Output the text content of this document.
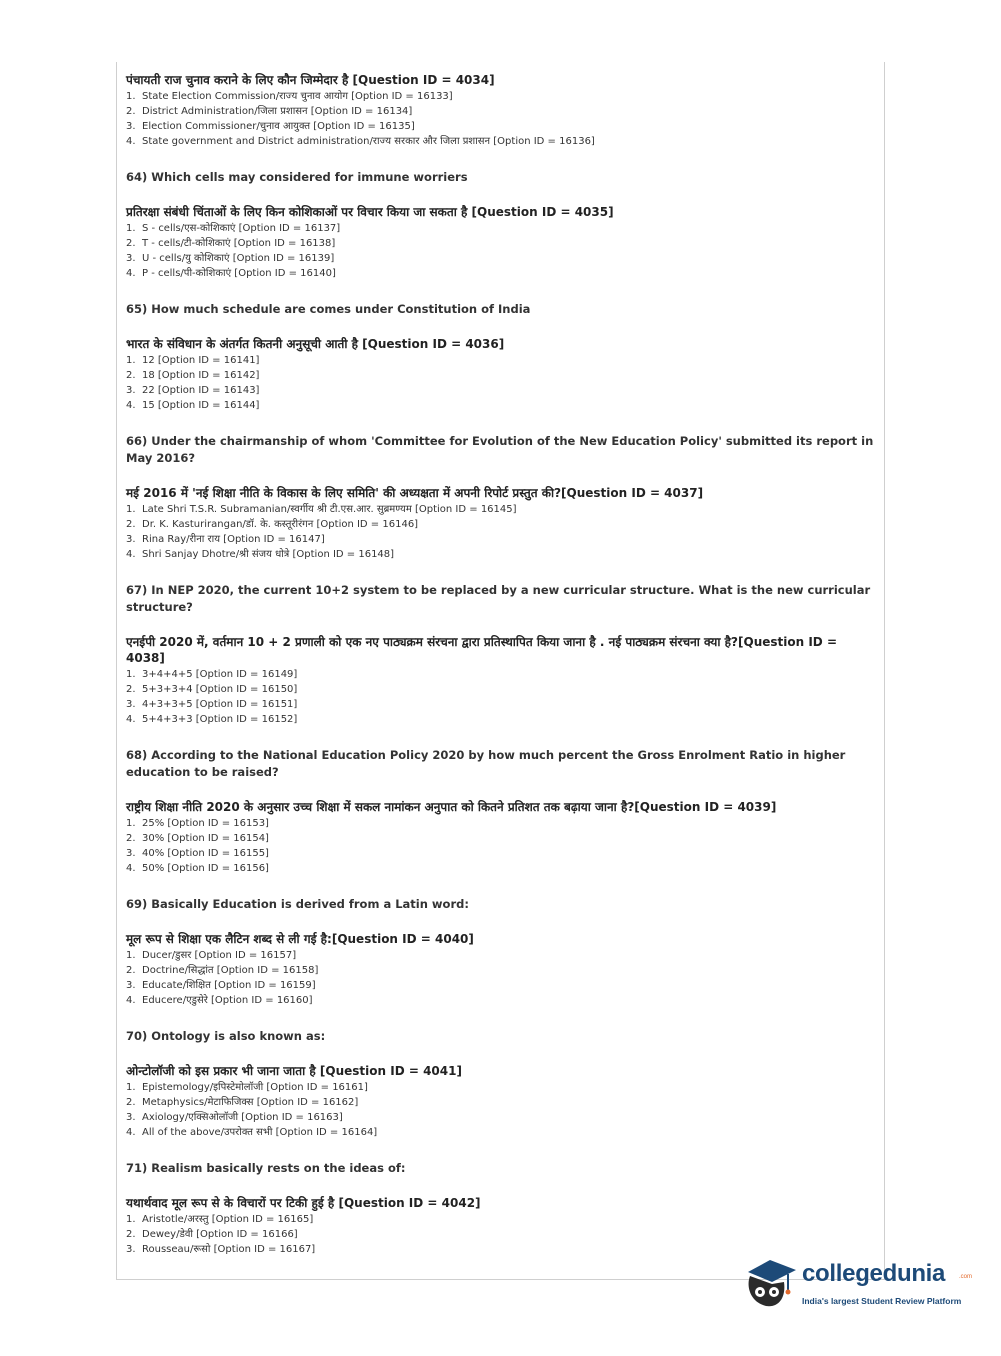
पंचायती राज चुनाव कराने के लिए कौन जिम्मेदार है [Question ID = 4034]

1. State Election Commission/राज्य चुनाव आयोग [Option ID = 16133]
2. District Administration/जिला प्रशासन [Option ID = 16134]
3. Election Commissioner/चुनाव आयुक्त [Option ID = 16135]
4. State government and District administration/राज्य सरकार और जिला प्रशासन [Option ID = 16136]

64) Which cells may considered for immune worriers

प्रतिरक्षा संबंधी चिंताओं के लिए किन कोशिकाओं पर विचार किया जा सकता है [Question ID = 4035]

1. S - cells/एस-कोशिकाएं [Option ID = 16137]
2. T - cells/टी-कोशिकाएं [Option ID = 16138]
3. U - cells/यु कोशिकाएं [Option ID = 16139]
4. P - cells/पी-कोशिकाएं [Option ID = 16140]

65) How much schedule are comes under Constitution of India

भारत के संविधान के अंतर्गत कितनी अनुसूची आती है [Question ID = 4036]

1. 12 [Option ID = 16141]
2. 18 [Option ID = 16142]
3. 22 [Option ID = 16143]
4. 15 [Option ID = 16144]

66) Under the chairmanship of whom 'Committee for Evolution of the New Education Policy' submitted its report in May 2016?

मई 2016 में 'नई शिक्षा नीति के विकास के लिए समिति' की अध्यक्षता में अपनी रिपोर्ट प्रस्तुत की?[Question ID = 4037]

1. Late Shri T.S.R. Subramanian/स्वर्गीय श्री टी.एस.आर. सुब्रमण्यम [Option ID = 16145]
2. Dr. K. Kasturirangan/डॉ. के. कस्तूरीरंगन [Option ID = 16146]
3. Rina Ray/रीना राय [Option ID = 16147]
4. Shri Sanjay Dhotre/श्री संजय धोत्रे [Option ID = 16148]

67) In NEP 2020, the current 10+2 system to be replaced by a new curricular structure. What is the new curricular structure?

एनईपी 2020 में, वर्तमान 10 + 2 प्रणाली को एक नए पाठ्यक्रम संरचना द्वारा प्रतिस्थापित किया जाना है . नई पाठ्यक्रम संरचना क्या है?[Question ID = 4038]

1. 3+4+4+5 [Option ID = 16149]
2. 5+3+3+4 [Option ID = 16150]
3. 4+3+3+5 [Option ID = 16151]
4. 5+4+3+3 [Option ID = 16152]

68) According to the National Education Policy 2020 by how much percent the Gross Enrolment Ratio in higher education to be raised?

राष्ट्रीय शिक्षा नीति 2020 के अनुसार उच्च शिक्षा में सकल नामांकन अनुपात को कितने प्रतिशत तक बढ़ाया जाना है?[Question ID = 4039]

1. 25% [Option ID = 16153]
2. 30% [Option ID = 16154]
3. 40% [Option ID = 16155]
4. 50% [Option ID = 16156]

69) Basically Education is derived from a Latin word:

मूल रूप से शिक्षा एक लैटिन शब्द से ली गई है:[Question ID = 4040]

1. Ducer/डुसर [Option ID = 16157]
2. Doctrine/सिद्धांत [Option ID = 16158]
3. Educate/शिक्षित [Option ID = 16159]
4. Educere/एडुसेरे [Option ID = 16160]

70) Ontology is also known as:

ओन्टोलॉजी को इस प्रकार भी जाना जाता है [Question ID = 4041]

1. Epistemology/इपिस्टेमोलॉजी [Option ID = 16161]
2. Metaphysics/मेटाफिजिक्स [Option ID = 16162]
3. Axiology/एक्सिओलॉजी [Option ID = 16163]
4. All of the above/उपरोक्त सभी [Option ID = 16164]

71) Realism basically rests on the ideas of:

यथार्थवाद मूल रूप से के विचारों पर टिकी हुई है [Question ID = 4042]

1. Aristotle/अरस्तु [Option ID = 16165]
2. Dewey/डेवी [Option ID = 16166]
3. Rousseau/रूसो [Option ID = 16167]
collegedunia .com
India's largest Student Review Platform
